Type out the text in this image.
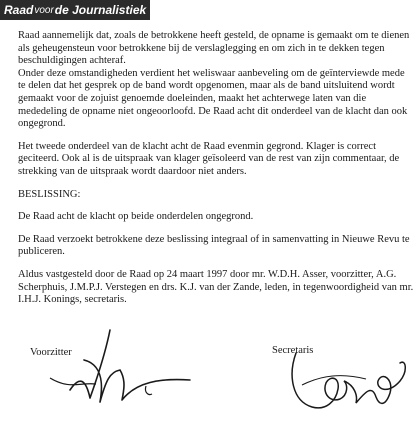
Raad voor de Journalistiek

Raad aannemelijk dat, zoals de betrokkene heeft gesteld, de opname is gemaakt om te dienen als geheugensteun voor betrokkene bij de verslaglegging en om zich in te dekken tegen beschuldigingen achteraf.

Onder deze omstandigheden verdient het weliswaar aanbeveling om de geïnterviewde mede te delen dat het gesprek op de band wordt opgenomen, maar als de band uitsluitend wordt gemaakt voor de zojuist genoemde doeleinden, maakt het achterwege laten van die mededeling de opname niet ongeoorloofd. De Raad acht dit onderdeel van de klacht dan ook ongegrond.

Het tweede onderdeel van de klacht acht de Raad evenmin gegrond. Klager is correct geciteerd. Ook al is de uitspraak van klager geïsoleerd van de rest van zijn commentaar, de strekking van de uitspraak wordt daardoor niet anders.

BESLISSING:

De Raad acht de klacht op beide onderdelen ongegrond.

De Raad verzoekt betrokkene deze beslissing integraal of in samenvatting in Nieuwe Revu te publiceren.

Aldus vastgesteld door de Raad op 24 maart 1997 door mr. W.D.H. Asser, voorzitter, A.G. Scherphuis, J.M.P.J. Verstegen en drs. K.J. van der Zande, leden, in tegenwoordigheid van mr. I.H.J. Konings, secretaris.

Voorzitter	Secretaris
